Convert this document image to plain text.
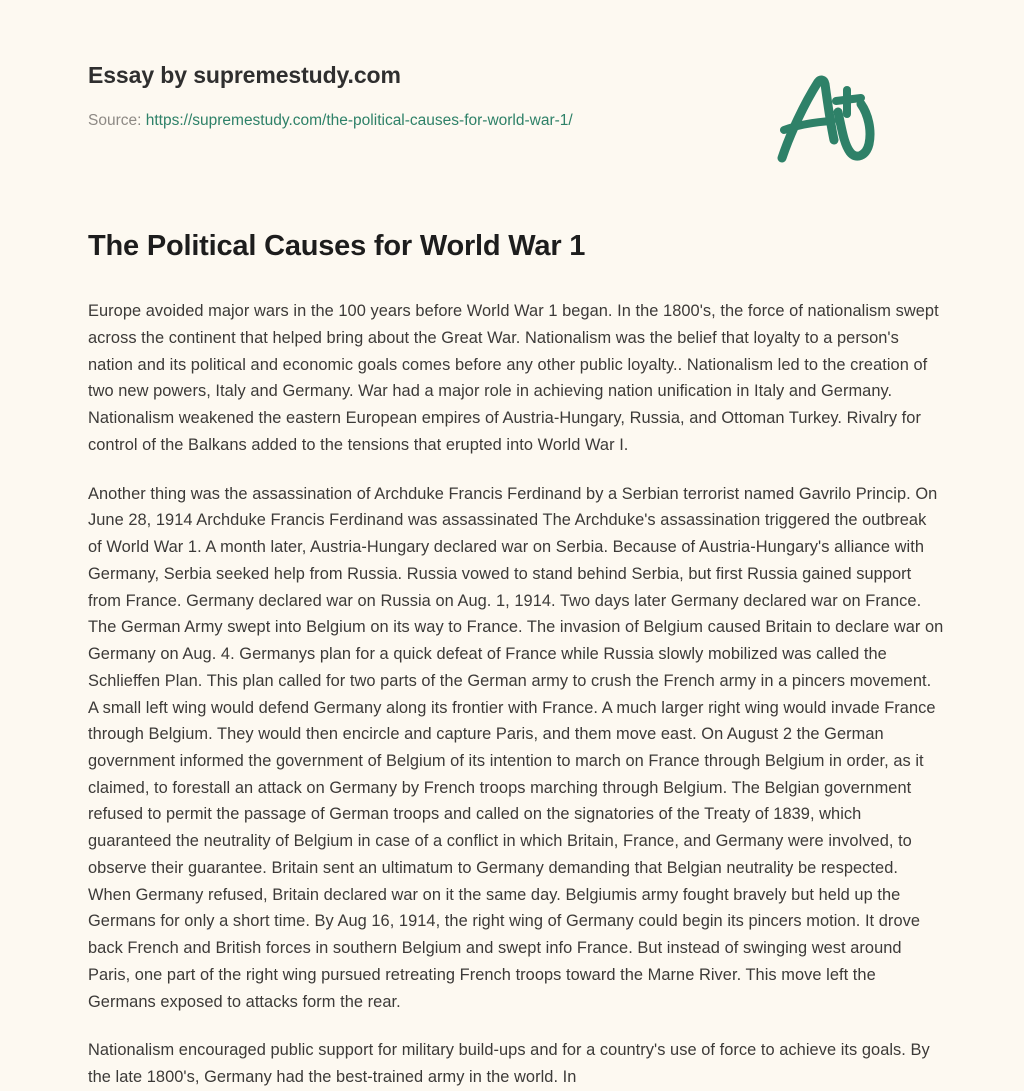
Essay by supremestudy.com
Source: https://supremestudy.com/the-political-causes-for-world-war-1/
The Political Causes for World War 1

Europe avoided major wars in the 100 years before World War 1 began. In the 1800's, the force of nationalism swept across the continent that helped bring about the Great War. Nationalism was the belief that loyalty to a person's nation and its political and economic goals comes before any other public loyalty.. Nationalism led to the creation of two new powers, Italy and Germany. War had a major role in achieving nation unification in Italy and Germany. Nationalism weakened the eastern European empires of Austria-Hungary, Russia, and Ottoman Turkey. Rivalry for control of the Balkans added to the tensions that erupted into World War I.

Another thing was the assassination of Archduke Francis Ferdinand by a Serbian terrorist named Gavrilo Princip. On June 28, 1914 Archduke Francis Ferdinand was assassinated The Archduke's assassination triggered the outbreak of World War 1. A month later, Austria-Hungary declared war on Serbia. Because of Austria-Hungary's alliance with Germany, Serbia seeked help from Russia. Russia vowed to stand behind Serbia, but first Russia gained support from France. Germany declared war on Russia on Aug. 1, 1914. Two days later Germany declared war on France. The German Army swept into Belgium on its way to France. The invasion of Belgium caused Britain to declare war on Germany on Aug. 4. Germanys plan for a quick defeat of France while Russia slowly mobilized was called the Schlieffen Plan. This plan called for two parts of the German army to crush the French army in a pincers movement. A small left wing would defend Germany along its frontier with France. A much larger right wing would invade France through Belgium. They would then encircle and capture Paris, and them move east. On August 2 the German government informed the government of Belgium of its intention to march on France through Belgium in order, as it claimed, to forestall an attack on Germany by French troops marching through Belgium. The Belgian government refused to permit the passage of German troops and called on the signatories of the Treaty of 1839, which guaranteed the neutrality of Belgium in case of a conflict in which Britain, France, and Germany were involved, to observe their guarantee. Britain sent an ultimatum to Germany demanding that Belgian neutrality be respected. When Germany refused, Britain declared war on it the same day. Belgiumis army fought bravely but held up the Germans for only a short time. By Aug 16, 1914, the right wing of Germany could begin its pincers motion. It drove back French and British forces in southern Belgium and swept info France. But instead of swinging west around Paris, one part of the right wing pursued retreating French troops toward the Marne River. This move left the Germans exposed to attacks form the rear.

Nationalism encouraged public support for military build-ups and for a country's use of force to achieve its goals. By the late 1800's, Germany had the best-trained army in the world. In
